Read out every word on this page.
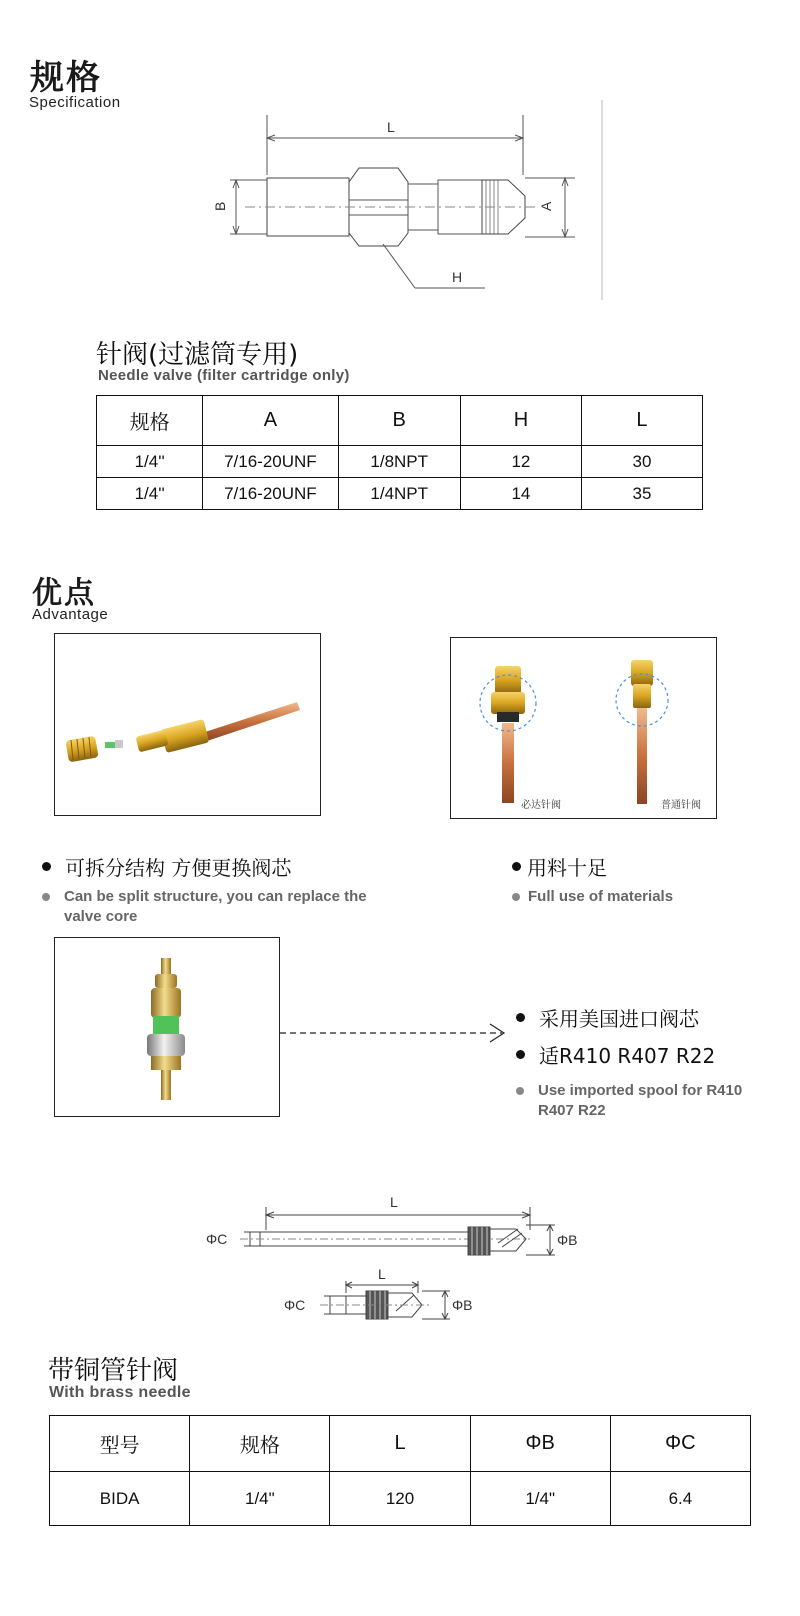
规格
Specification
L
B	A
H
针阀(过滤筒专用)
Needle valve (filter cartridge only)
规格	A	B	H	L
1/4''	7/16-20UNF	1/8NPT	12	30
1/4''	7/16-20UNF	1/4NPT	14	35
优点
Advantage
必达针阀	普通针阀
可拆分结构 方便更换阀芯
Can be split structure, you can replace the valve core
用料十足
Full use of materials
采用美国进口阀芯
适R410 R407 R22
Use imported spool for R410 R407 R22
L
ΦC	ΦB
L
ΦC	ΦB
带铜管针阀
With brass needle
型号	规格	L	ΦB	ΦC
BIDA	1/4"	120	1/4"	6.4
